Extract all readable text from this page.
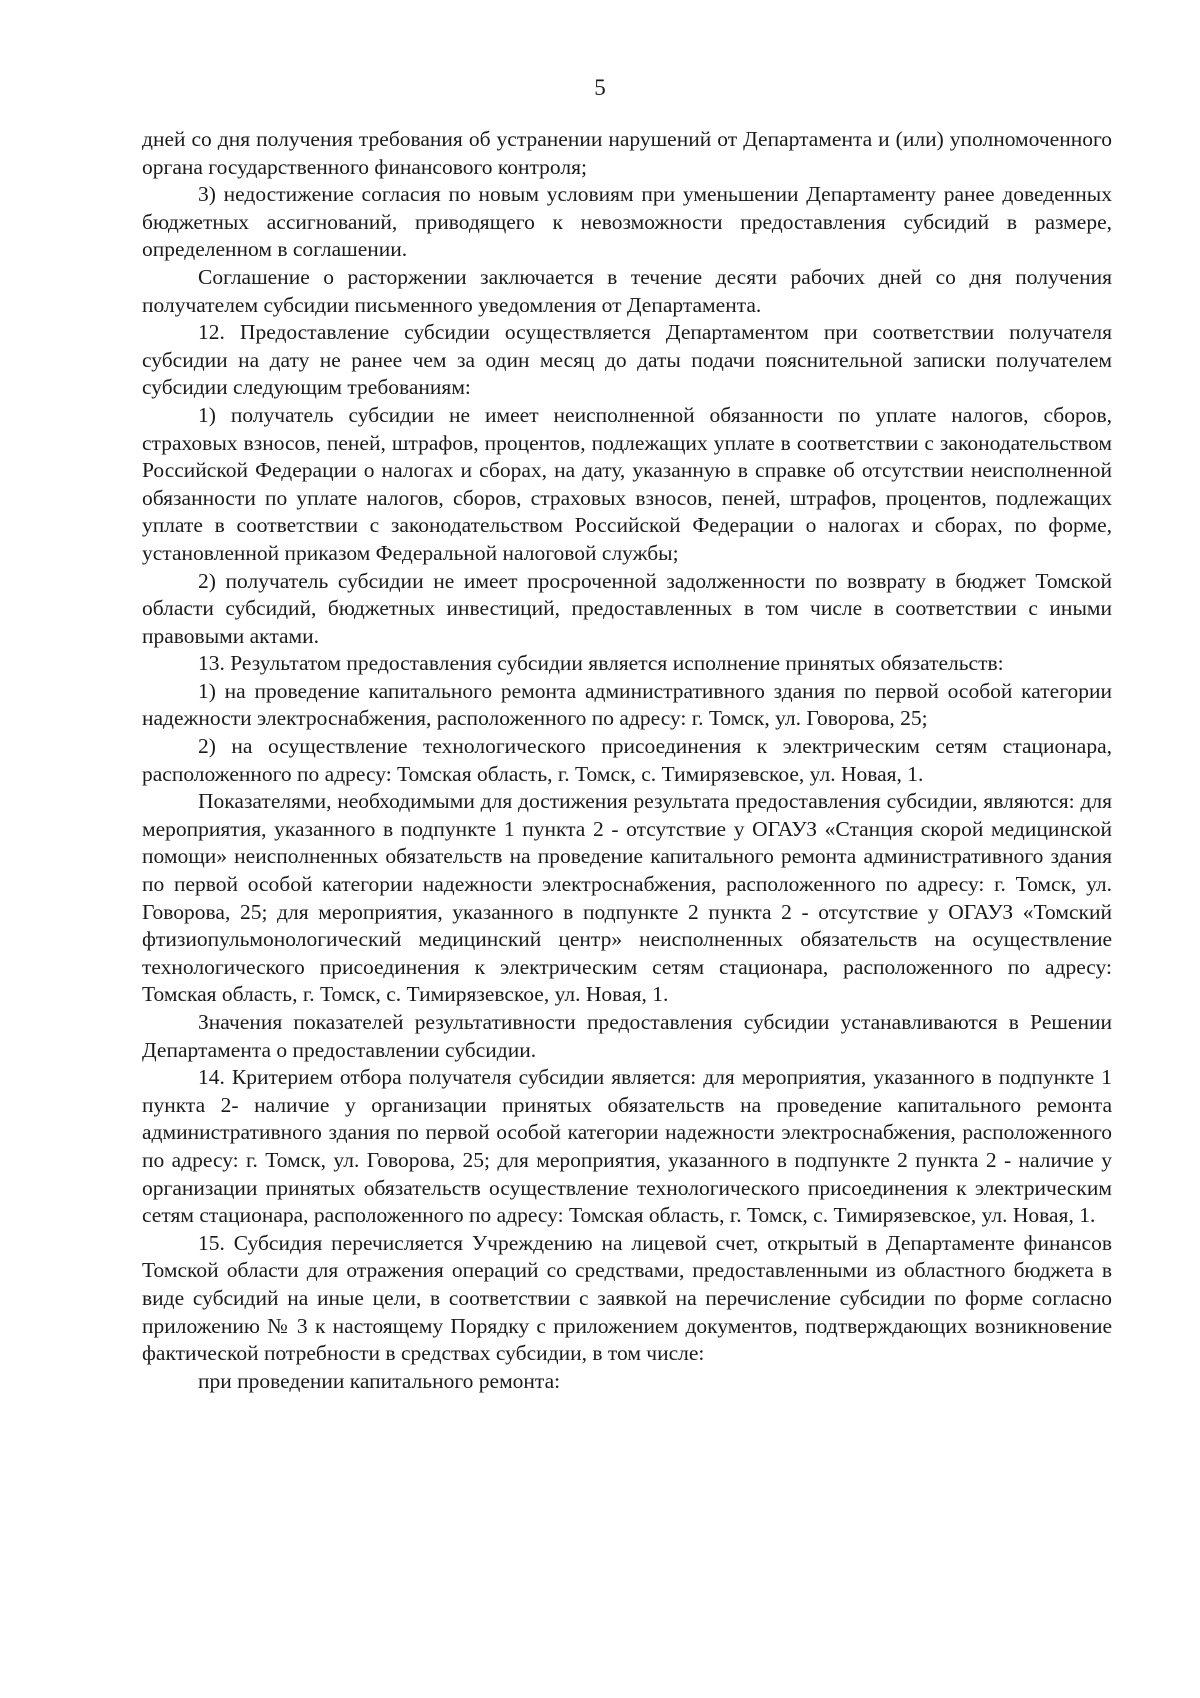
5

дней со дня получения требования об устранении нарушений от Департамента и (или) уполномоченного органа государственного финансового контроля;

3) недостижение согласия по новым условиям при уменьшении Департаменту ранее доведенных бюджетных ассигнований, приводящего к невозможности предоставления субсидий в размере, определенном в соглашении.

Соглашение о расторжении заключается в течение десяти рабочих дней со дня получения получателем субсидии письменного уведомления от Департамента.

12. Предоставление субсидии осуществляется Департаментом при соответствии получателя субсидии на дату не ранее чем за один месяц до даты подачи пояснительной записки получателем субсидии следующим требованиям:

1) получатель субсидии не имеет неисполненной обязанности по уплате налогов, сборов, страховых взносов, пеней, штрафов, процентов, подлежащих уплате в соответствии с законодательством Российской Федерации о налогах и сборах, на дату, указанную в справке об отсутствии неисполненной обязанности по уплате налогов, сборов, страховых взносов, пеней, штрафов, процентов, подлежащих уплате в соответствии с законодательством Российской Федерации о налогах и сборах, по форме, установленной приказом Федеральной налоговой службы;

2) получатель субсидии не имеет просроченной задолженности по возврату в бюджет Томской области субсидий, бюджетных инвестиций, предоставленных в том числе в соответствии с иными правовыми актами.

13. Результатом предоставления субсидии является исполнение принятых обязательств:

1) на проведение капитального ремонта административного здания по первой особой категории надежности электроснабжения, расположенного по адресу: г. Томск, ул. Говорова, 25;

2) на осуществление технологического присоединения к электрическим сетям стационара, расположенного по адресу: Томская область, г. Томск, с. Тимирязевское, ул. Новая, 1.

Показателями, необходимыми для достижения результата предоставления субсидии, являются: для мероприятия, указанного в подпункте 1 пункта 2 - отсутствие у ОГАУЗ «Станция скорой медицинской помощи» неисполненных обязательств на проведение капитального ремонта административного здания по первой особой категории надежности электроснабжения, расположенного по адресу: г. Томск, ул. Говорова, 25; для мероприятия, указанного в подпункте 2 пункта 2 - отсутствие у ОГАУЗ «Томский фтизиопульмонологический медицинский центр» неисполненных обязательств на осуществление технологического присоединения к электрическим сетям стационара, расположенного по адресу: Томская область, г. Томск, с. Тимирязевское, ул. Новая, 1.

Значения показателей результативности предоставления субсидии устанавливаются в Решении Департамента о предоставлении субсидии.

14. Критерием отбора получателя субсидии является: для мероприятия, указанного в подпункте 1 пункта 2- наличие у организации принятых обязательств на проведение капитального ремонта административного здания по первой особой категории надежности электроснабжения, расположенного по адресу: г. Томск, ул. Говорова, 25; для мероприятия, указанного в подпункте 2 пункта 2 - наличие у организации принятых обязательств осуществление технологического присоединения к электрическим сетям стационара, расположенного по адресу: Томская область, г. Томск, с. Тимирязевское, ул. Новая, 1.

15. Субсидия перечисляется Учреждению на лицевой счет, открытый в Департаменте финансов Томской области для отражения операций со средствами, предоставленными из областного бюджета в виде субсидий на иные цели, в соответствии с заявкой на перечисление субсидии по форме согласно приложению № 3 к настоящему Порядку с приложением документов, подтверждающих возникновение фактической потребности в средствах субсидии, в том числе:

при проведении капитального ремонта:
